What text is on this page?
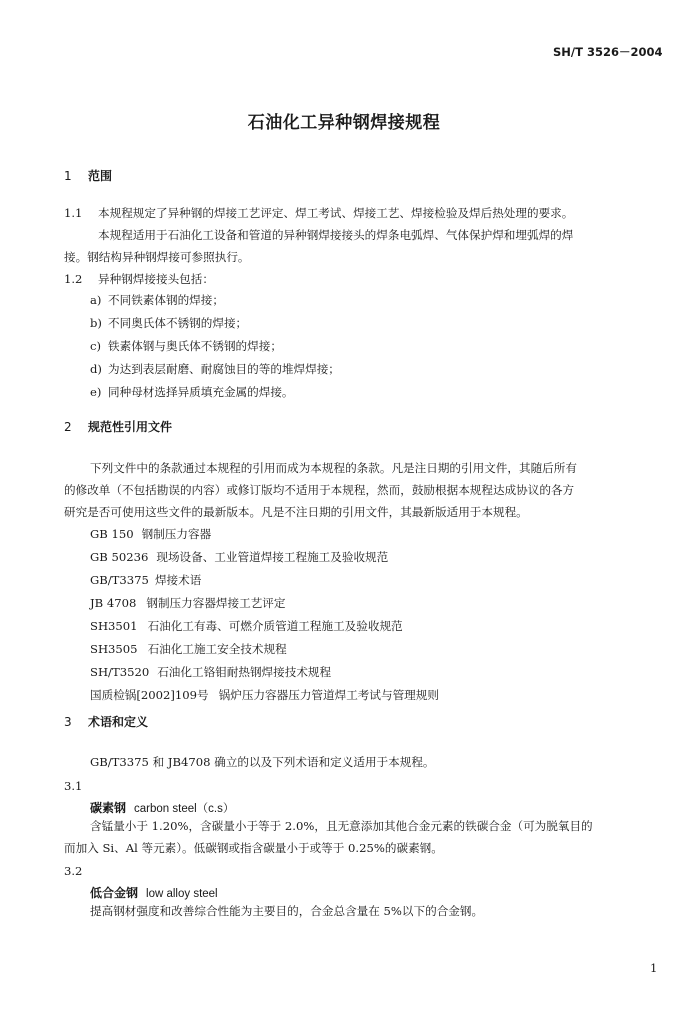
SH/T 3526－2004
石油化工异种钢焊接规程
1 范围
1.1 本规程规定了异种钢的焊接工艺评定、焊工考试、焊接工艺、焊接检验及焊后热处理的要求。
本规程适用于石油化工设备和管道的异种钢焊接接头的焊条电弧焊、气体保护焊和埋弧焊的焊
接。钢结构异种钢焊接可参照执行。
1.2 异种钢焊接接头包括：
a) 不同铁素体钢的焊接；
b) 不同奥氏体不锈钢的焊接；
c) 铁素体钢与奥氏体不锈钢的焊接；
d) 为达到表层耐磨、耐腐蚀目的等的堆焊焊接；
e) 同种母材选择异质填充金属的焊接。
2 规范性引用文件
下列文件中的条款通过本规程的引用而成为本规程的条款。凡是注日期的引用文件，其随后所有
的修改单（不包括勘误的内容）或修订版均不适用于本规程，然而，鼓励根据本规程达成协议的各方
研究是否可使用这些文件的最新版本。凡是不注日期的引用文件，其最新版适用于本规程。
GB 150 钢制压力容器
GB 50236 现场设备、工业管道焊接工程施工及验收规范
GB/T3375 焊接术语
JB 4708 钢制压力容器焊接工艺评定
SH3501 石油化工有毒、可燃介质管道工程施工及验收规范
SH3505 石油化工施工安全技术规程
SH/T3520 石油化工铬钼耐热钢焊接技术规程
国质检锅[2002]109号 锅炉压力容器压力管道焊工考试与管理规则
3 术语和定义
GB/T3375 和 JB4708 确立的以及下列术语和定义适用于本规程。
3.1
碳素钢 carbon steel（c.s）
含锰量小于 1.20%，含碳量小于等于 2.0%，且无意添加其他合金元素的铁碳合金（可为脱氧目的
而加入 Si、Al 等元素）。低碳钢或指含碳量小于或等于 0.25%的碳素钢。
3.2
低合金钢 low alloy steel
提高钢材强度和改善综合性能为主要目的，合金总含量在 5%以下的合金钢。
1
